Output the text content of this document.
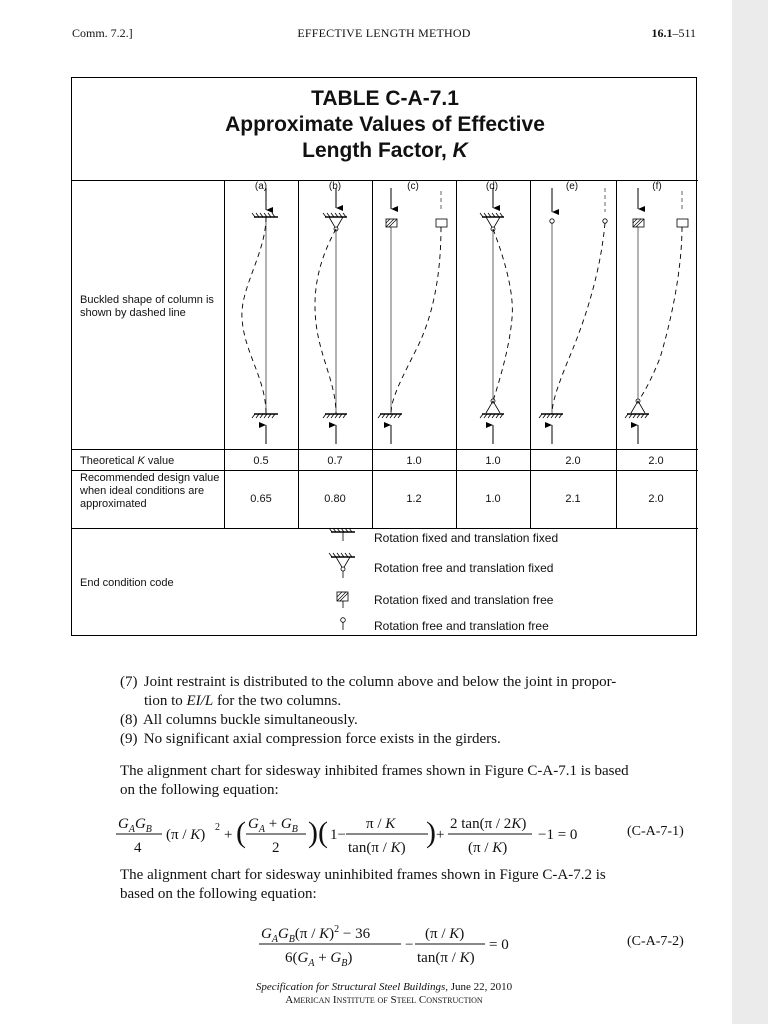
Comm. 7.2.]	EFFECTIVE LENGTH METHOD	16.1–511
TABLE C-A-7.1
Approximate Values of Effective
Length Factor, K
(a)	(b)	(c)	(d)	(e)	(f)
Buckled shape of column is shown by dashed line
Theoretical K value	0.5	0.7	1.0	1.0	2.0	2.0
Recommended design value when ideal conditions are approximated	0.65	0.80	1.2	1.0	2.1	2.0
End condition code
Rotation fixed and translation fixed
Rotation free and translation fixed
Rotation fixed and translation free
Rotation free and translation free
(7) Joint restraint is distributed to the column above and below the joint in propor-
tion to EI/L for the two columns.
(8) All columns buckle simultaneously.
(9) No significant axial compression force exists in the girders.
The alignment chart for sidesway inhibited frames shown in Figure C-A-7.1 is based
on the following equation:
$G_AG_B$
4
(π / K) 2 + ( $G_A + G_B$
2 ) ( 1−
π / K
tan(π / K) ) +
2 tan(π / 2K)
(π / K)
−1 = 0	(C-A-7-1)
The alignment chart for sidesway uninhibited frames shown in Figure C-A-7.2 is
based on the following equation:
$G_AG_B(\pi / K)^2 - 36$
$6(G_A + G_B)$
−
(π / K)
tan(π / K)
= 0	(C-A-7-2)
Specification for Structural Steel Buildings, June 22, 2010
American Institute of Steel Construction
